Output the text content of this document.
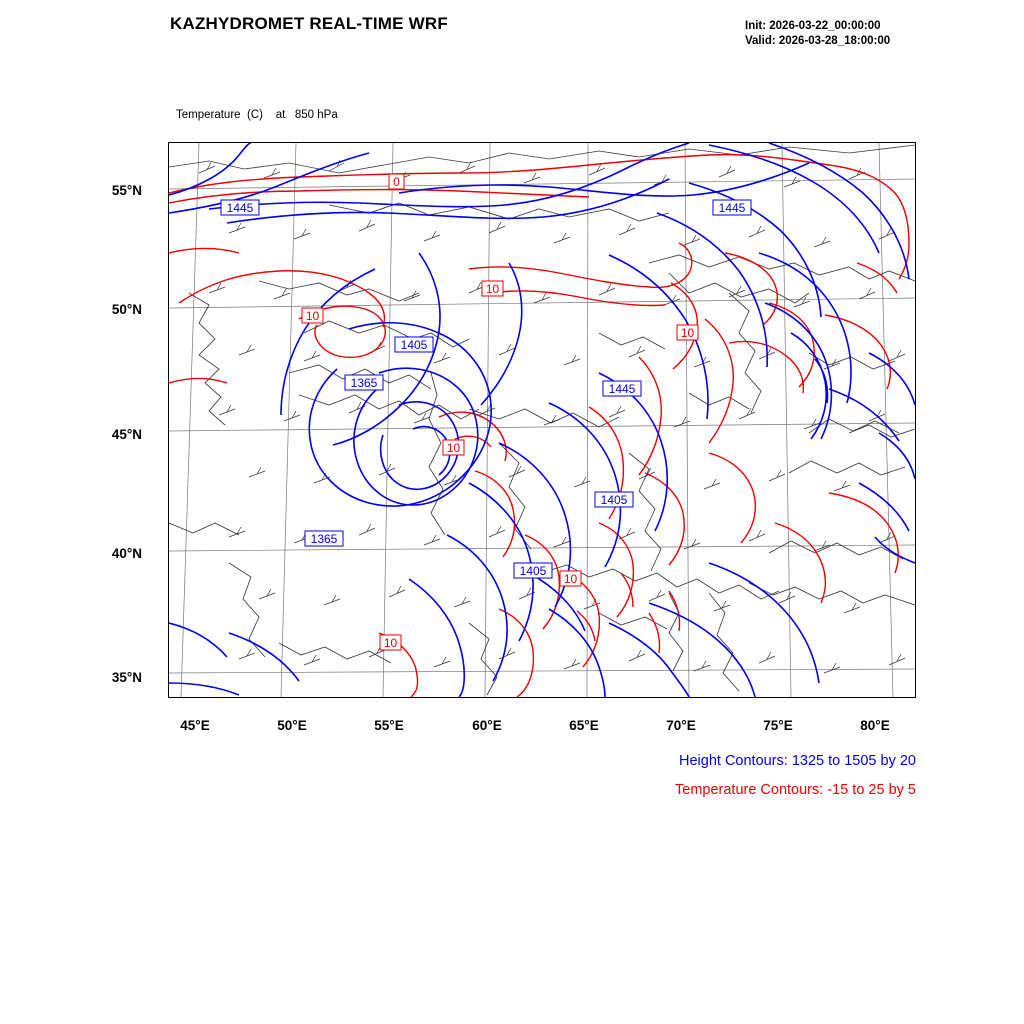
KAZHYDROMET REAL-TIME WRF	Init: 2026-03-22_00:00:00
Valid: 2026-03-28_18:00:00

Temperature  (C)    at   850 hPa

55°N
50°N
45°N
40°N
35°N
45°E	50°E	55°E	60°E	65°E	70°E	75°E	80°E
1445	1445
1405
1365	1445
1405
1365
1405
0
10
10
10
10
10
10
Height Contours: 1325 to 1505 by 20
Temperature Contours: -15 to 25 by 5
